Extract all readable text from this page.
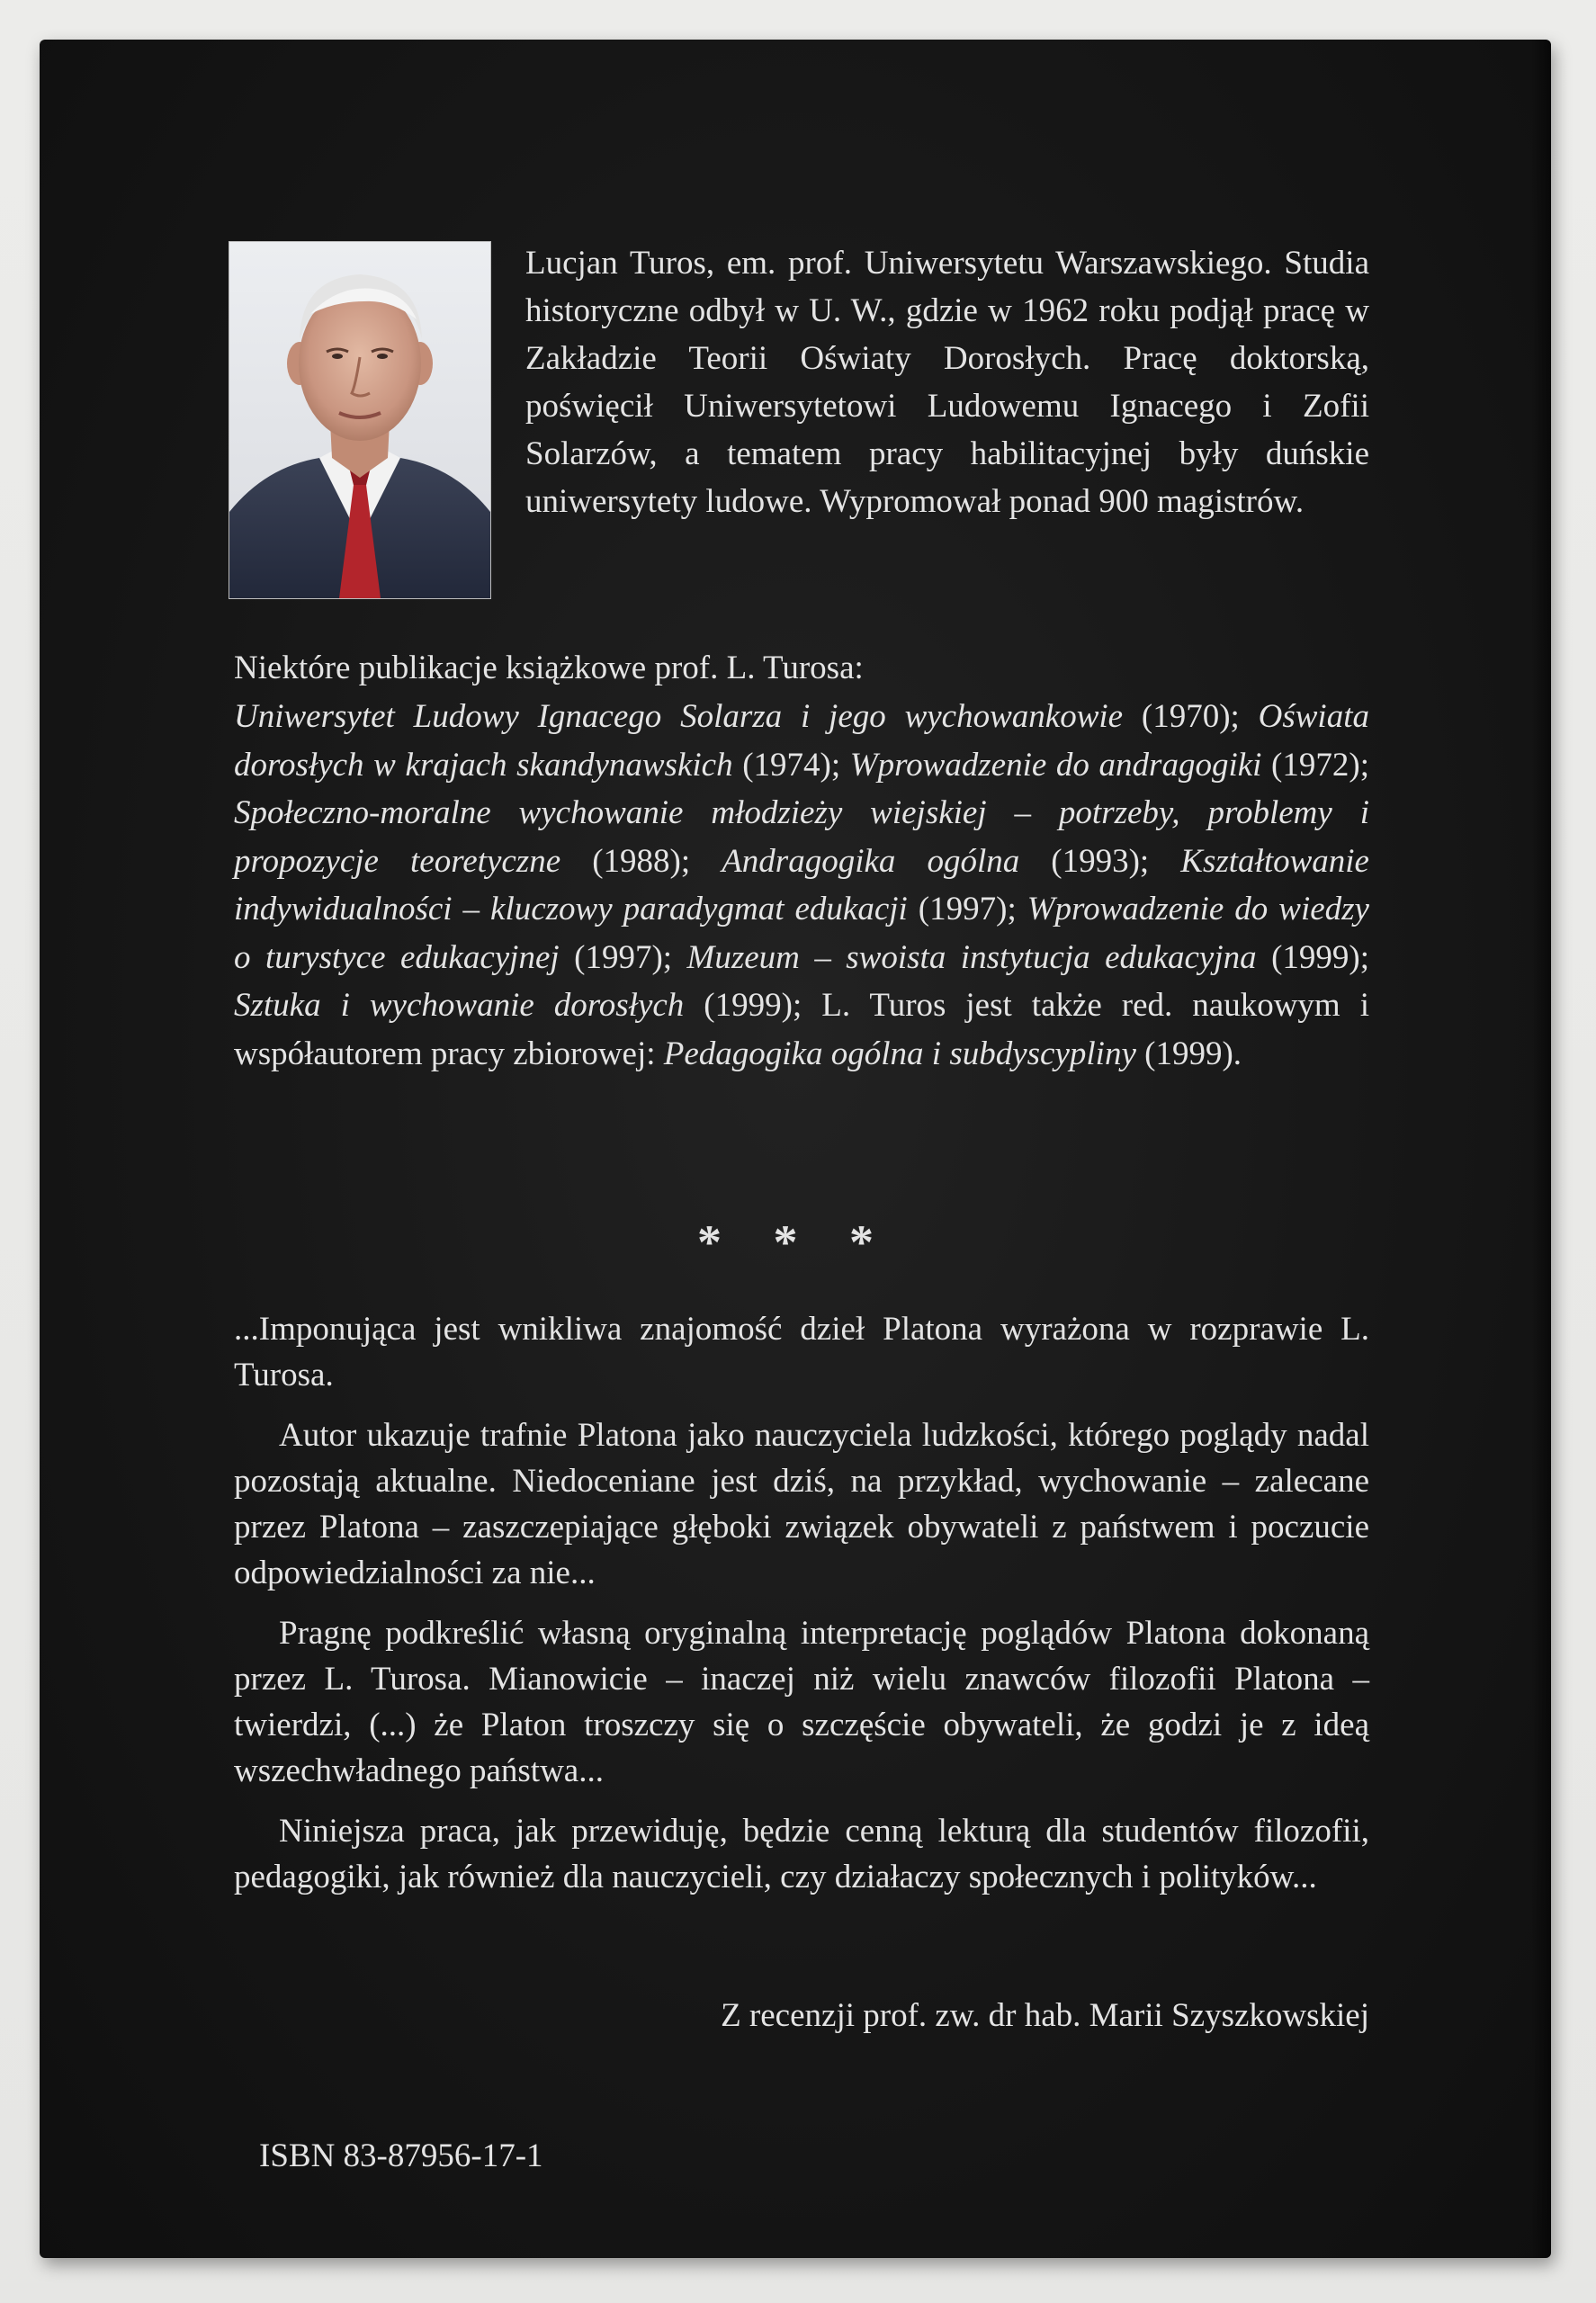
Lucjan Turos, em. prof. Uniwersytetu Warszawskiego. Studia historyczne odbył w U. W., gdzie w 1962 roku podjął pracę w Zakładzie Teorii Oświaty Dorosłych. Pracę doktorską, poświęcił Uniwersytetowi Ludowemu Ignacego i Zofii Solarzów, a tematem pracy habilitacyjnej były duńskie uniwersytety ludowe. Wypromował ponad 900 magistrów.
Niektóre publikacje książkowe prof. L. Turosa:
Uniwersytet Ludowy Ignacego Solarza i jego wychowankowie (1970); Oświata dorosłych w krajach skandynawskich (1974); Wprowadzenie do andragogiki (1972); Społeczno-moralne wychowanie młodzieży wiejskiej – potrzeby, problemy i propozycje teoretyczne (1988); Andragogika ogólna (1993); Kształtowanie indywidualności – kluczowy paradygmat edukacji (1997); Wprowadzenie do wiedzy o turystyce edukacyjnej (1997); Muzeum – swoista instytucja edukacyjna (1999); Sztuka i wychowanie dorosłych (1999); L. Turos jest także red. naukowym i współautorem pracy zbiorowej: Pedagogika ogólna i subdyscypliny (1999).
* * *

...Imponująca jest wnikliwa znajomość dzieł Platona wyrażona w rozprawie L. Turosa.

Autor ukazuje trafnie Platona jako nauczyciela ludzkości, którego poglądy nadal pozostają aktualne. Niedoceniane jest dziś, na przykład, wychowanie – zalecane przez Platona – zaszczepiające głęboki związek obywateli z państwem i poczucie odpowiedzialności za nie...

Pragnę podkreślić własną oryginalną interpretację poglądów Platona dokonaną przez L. Turosa. Mianowicie – inaczej niż wielu znawców filozofii Platona – twierdzi, (...) że Platon troszczy się o szczęście obywateli, że godzi je z ideą wszechwładnego państwa...

Niniejsza praca, jak przewiduję, będzie cenną lekturą dla studentów filozofii, pedagogiki, jak również dla nauczycieli, czy działaczy społecznych i polityków...

Z recenzji prof. zw. dr hab. Marii Szyszkowskiej
ISBN 83-87956-17-1
